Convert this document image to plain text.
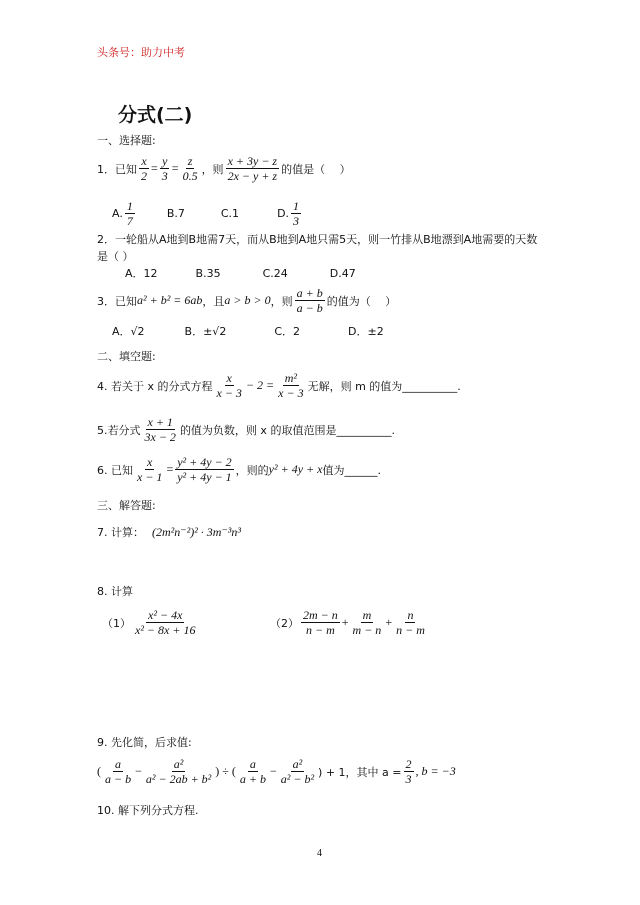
头条号：助力中考
分式(二)
一、选择题:
1．已知 $\frac{x}{2} = \frac{y}{3} = \frac{z}{0.5}$ ，则 $\frac{x + 3y - z}{2x - y + z}$ 的值是（　 ）
A. $\frac{1}{7}$	B.7	C.1	D. $\frac{1}{3}$
2．一轮船从A地到B地需7天，而从B地到A地只需5天，则一竹排从B地漂到A地需要的天数
是（ ）
A．12	B.35	C.24	D.47
3．已知 a² + b² = 6ab ，且 a > b > 0 ，则 $\frac{a + b}{a - b}$ 的值为（　 ）
A．√2	B．±√2	C．2	D．±2
二、填空题:
4. 若关于 x 的分式方程 $\frac{x}{x - 3} - 2 = \frac{\text{m²}}{x - 3}$ 无解，则 m 的值为__________.
5.若分式 $\frac{x + 1}{3x - 2}$ 的值为负数，则 x 的取值范围是__________.
6. 已知 $\frac{x}{x - 1} = \frac{\text{y² + 4y − 2}}{\text{y² + 4y − 1}}$ ，则的 y² + 4y + x 值为______.
三、解答题:
7. 计算： (2m²n⁻²)² · 3m⁻³n³
8. 计算
$(1) \frac{\text{x² − 4x}}{\text{x² − 8x + 16}}$	$(2) \frac{2m - n}{n - m} + \frac{m}{m - n} + \frac{n}{n - m}$
9. 先化简，后求值:
( $\frac{a}{a - b} - \frac{\text{a²}}{\text{a² − 2ab + b²}}$ ) ÷ ( $\frac{a}{a + b} - \frac{\text{a²}}{\text{a² − b²}}$ ) + 1，其中 $a = \frac{2}{3}$ , b = −3
10. 解下列分式方程.
4
